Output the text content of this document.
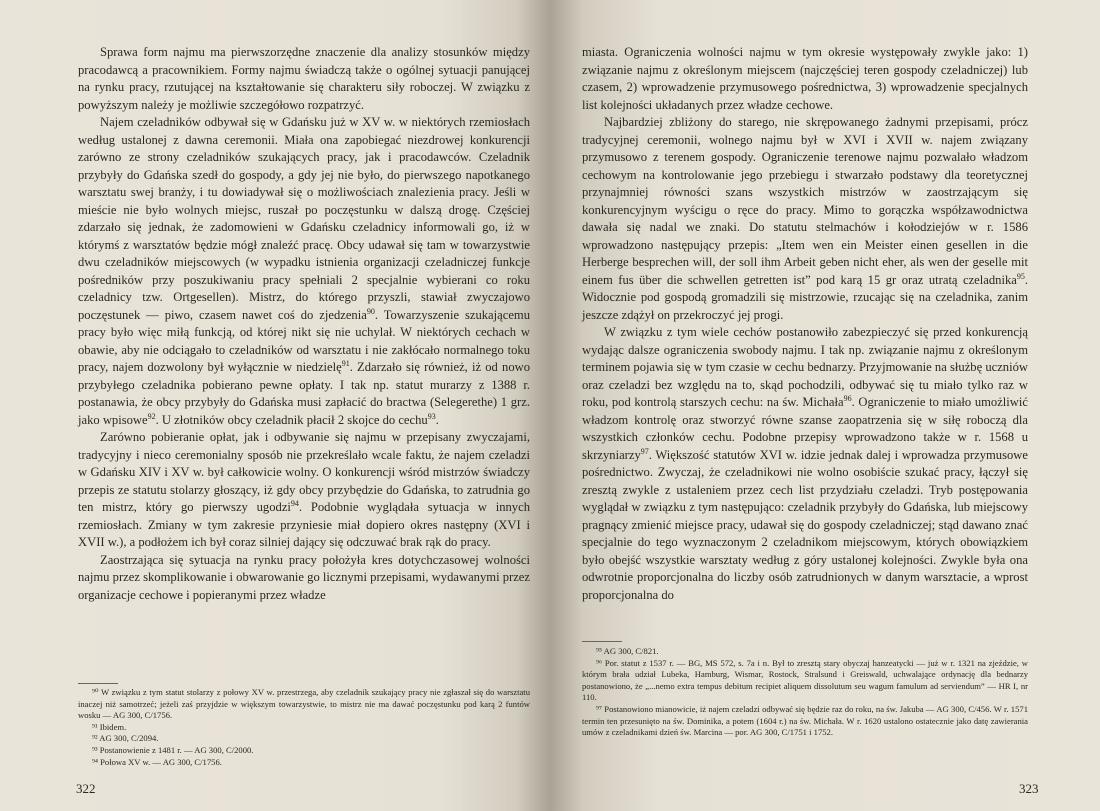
Sprawa form najmu ma pierwszorzędne znaczenie dla analizy stosunków między pracodawcą a pracownikiem. Formy najmu świadczą także o ogólnej sytuacji panującej na rynku pracy, rzutującej na kształtowanie się charakteru siły roboczej. W związku z powyższym należy je możliwie szczegółowo rozpatrzyć.

Najem czeladników odbywał się w Gdańsku już w XV w. w niektórych rzemiosłach według ustalonej z dawna ceremonii. Miała ona zapobiegać niezdrowej konkurencji zarówno ze strony czeladników szukających pracy, jak i pracodawców. Czeladnik przybyły do Gdańska szedł do gospody, a gdy jej nie było, do pierwszego napotkanego warsztatu swej branży, i tu dowiadywał się o możliwościach znalezienia pracy. Jeśli w mieście nie było wolnych miejsc, ruszał po poczęstunku w dalszą drogę. Częściej zdarzało się jednak, że zadomowieni w Gdańsku czeladnicy informowali go, iż w którymś z warsztatów będzie mógł znaleźć pracę. Obcy udawał się tam w towarzystwie dwu czeladników miejscowych (w wypadku istnienia organizacji czeladniczej funkcje pośredników przy poszukiwaniu pracy spełniali 2 specjalnie wybierani co roku czeladnicy tzw. Ortgesellen). Mistrz, do którego przyszli, stawiał zwyczajowo poczęstunek — piwo, czasem nawet coś do zjedzenia$^{90}$. Towarzyszenie szukającemu pracy było więc miłą funkcją, od której nikt się nie uchylał. W niektórych cechach w obawie, aby nie odciągało to czeladników od warsztatu i nie zakłócało normalnego toku pracy, najem dozwolony był wyłącznie w niedzielę$^{91}$. Zdarzało się również, iż od nowo przybyłego czeladnika pobierano pewne opłaty. I tak np. statut murarzy z 1388 r. postanawia, że obcy przybyły do Gdańska musi zapłacić do bractwa (Selegerethe) 1 grz. jako wpisowe$^{92}$. U złotników obcy czeladnik płacił 2 skojce do cechu$^{93}$.

Zarówno pobieranie opłat, jak i odbywanie się najmu w przepisany zwyczajami, tradycyjny i nieco ceremonialny sposób nie przekreślało wcale faktu, że najem czeladzi w Gdańsku XIV i XV w. był całkowicie wolny. O konkurencji wśród mistrzów świadczy przepis ze statutu stolarzy głoszący, iż gdy obcy przybędzie do Gdańska, to zatrudnia go ten mistrz, który go pierwszy ugodzi$^{94}$. Podobnie wyglądała sytuacja w innych rzemiosłach. Zmiany w tym zakresie przyniesie miał dopiero okres następny (XVI i XVII w.), a podłożem ich był coraz silniej dający się odczuwać brak rąk do pracy.

Zaostrzająca się sytuacja na rynku pracy położyła kres dotychczasowej wolności najmu przez skomplikowanie i obwarowanie go licznymi przepisami, wydawanymi przez organizacje cechowe i popieranymi przez władze

⁹⁰ W związku z tym statut stolarzy z połowy XV w. przestrzega, aby czeladnik szukający pracy nie zgłaszał się do warsztatu inaczej niż samotrzeć; jeżeli zaś przyjdzie w większym towarzystwie, to mistrz nie ma dawać poczęstunku pod karą 2 funtów wosku — AG 300, C/1756.

⁹¹ Ibidem.

⁹² AG 300, C/2094.

⁹³ Postanowienie z 1481 r. — AG 300, C/2000.

⁹⁴ Połowa XV w. — AG 300, C/1756.

322

miasta. Ograniczenia wolności najmu w tym okresie występowały zwykle jako: 1) związanie najmu z określonym miejscem (najczęściej teren gospody czeladniczej) lub czasem, 2) wprowadzenie przymusowego pośrednictwa, 3) wprowadzenie specjalnych list kolejności układanych przez władze cechowe.

Najbardziej zbliżony do starego, nie skrępowanego żadnymi przepisami, prócz tradycyjnej ceremonii, wolnego najmu był w XVI i XVII w. najem związany przymusowo z terenem gospody. Ograniczenie terenowe najmu pozwalało władzom cechowym na kontrolowanie jego przebiegu i stwarzało podstawy dla teoretycznej przynajmniej równości szans wszystkich mistrzów w zaostrzającym się konkurencyjnym wyścigu o ręce do pracy. Mimo to gorączka współzawodnictwa dawała się nadal we znaki. Do statutu stelmachów i kołodziejów w r. 1586 wprowadzono następujący przepis: „Item wen ein Meister einen gesellen in die Herberge besprechen will, der soll ihm Arbeit geben nicht eher, als wen der geselle mit einem fus über die schwellen getretten ist” pod karą 15 gr oraz utratą czeladnika$^{95}$. Widocznie pod gospodą gromadzili się mistrzowie, rzucając się na czeladnika, zanim jeszcze zdążył on przekroczyć jej progi.

W związku z tym wiele cechów postanowiło zabezpieczyć się przed konkurencją wydając dalsze ograniczenia swobody najmu. I tak np. związanie najmu z określonym terminem pojawia się w tym czasie w cechu bednarzy. Przyjmowanie na służbę uczniów oraz czeladzi bez względu na to, skąd pochodzili, odbywać się tu miało tylko raz w roku, pod kontrolą starszych cechu: na św. Michała$^{96}$. Ograniczenie to miało umożliwić władzom kontrolę oraz stworzyć równe szanse zaopatrzenia się w siłę roboczą dla wszystkich członków cechu. Podobne przepisy wprowadzono także w r. 1568 u skrzyniarzy$^{97}$. Większość statutów XVI w. idzie jednak dalej i wprowadza przymusowe pośrednictwo. Zwyczaj, że czeladnikowi nie wolno osobiście szukać pracy, łączył się zresztą zwykle z ustaleniem przez cech list przydziału czeladzi. Tryb postępowania wyglądał w związku z tym następująco: czeladnik przybyły do Gdańska, lub miejscowy pragnący zmienić miejsce pracy, udawał się do gospody czeladniczej; stąd dawano znać specjalnie do tego wyznaczonym 2 czeladnikom miejscowym, których obowiązkiem było obejść wszystkie warsztaty według z góry ustalonej kolejności. Zwykle była ona odwrotnie proporcjonalna do liczby osób zatrudnionych w danym warsztacie, a wprost proporcjonalna do

⁹⁵ AG 300, C/821.

⁹⁶ Por. statut z 1537 r. — BG, MS 572, s. 7a i n. Był to zresztą stary obyczaj hanzeatycki — już w r. 1321 na zjeździe, w którym brała udział Lubeka, Hamburg, Wismar, Rostock, Stralsund i Greiswald, uchwalające ordynację dla bednarzy postanowiono, że „...nemo extra tempus debitum recipiet aliquem dissolutum seu wagum famulum ad serviendum” — HR I, nr 110.

⁹⁷ Postanowiono mianowicie, iż najem czeladzi odbywać się będzie raz do roku, na św. Jakuba — AG 300, C/456. W r. 1571 termin ten przesunięto na św. Dominika, a potem (1604 r.) na św. Michała. W r. 1620 ustalono ostatecznie jako datę zawierania umów z czeladnikami dzień św. Marcina — por. AG 300, C/1751 i 1752.

323
